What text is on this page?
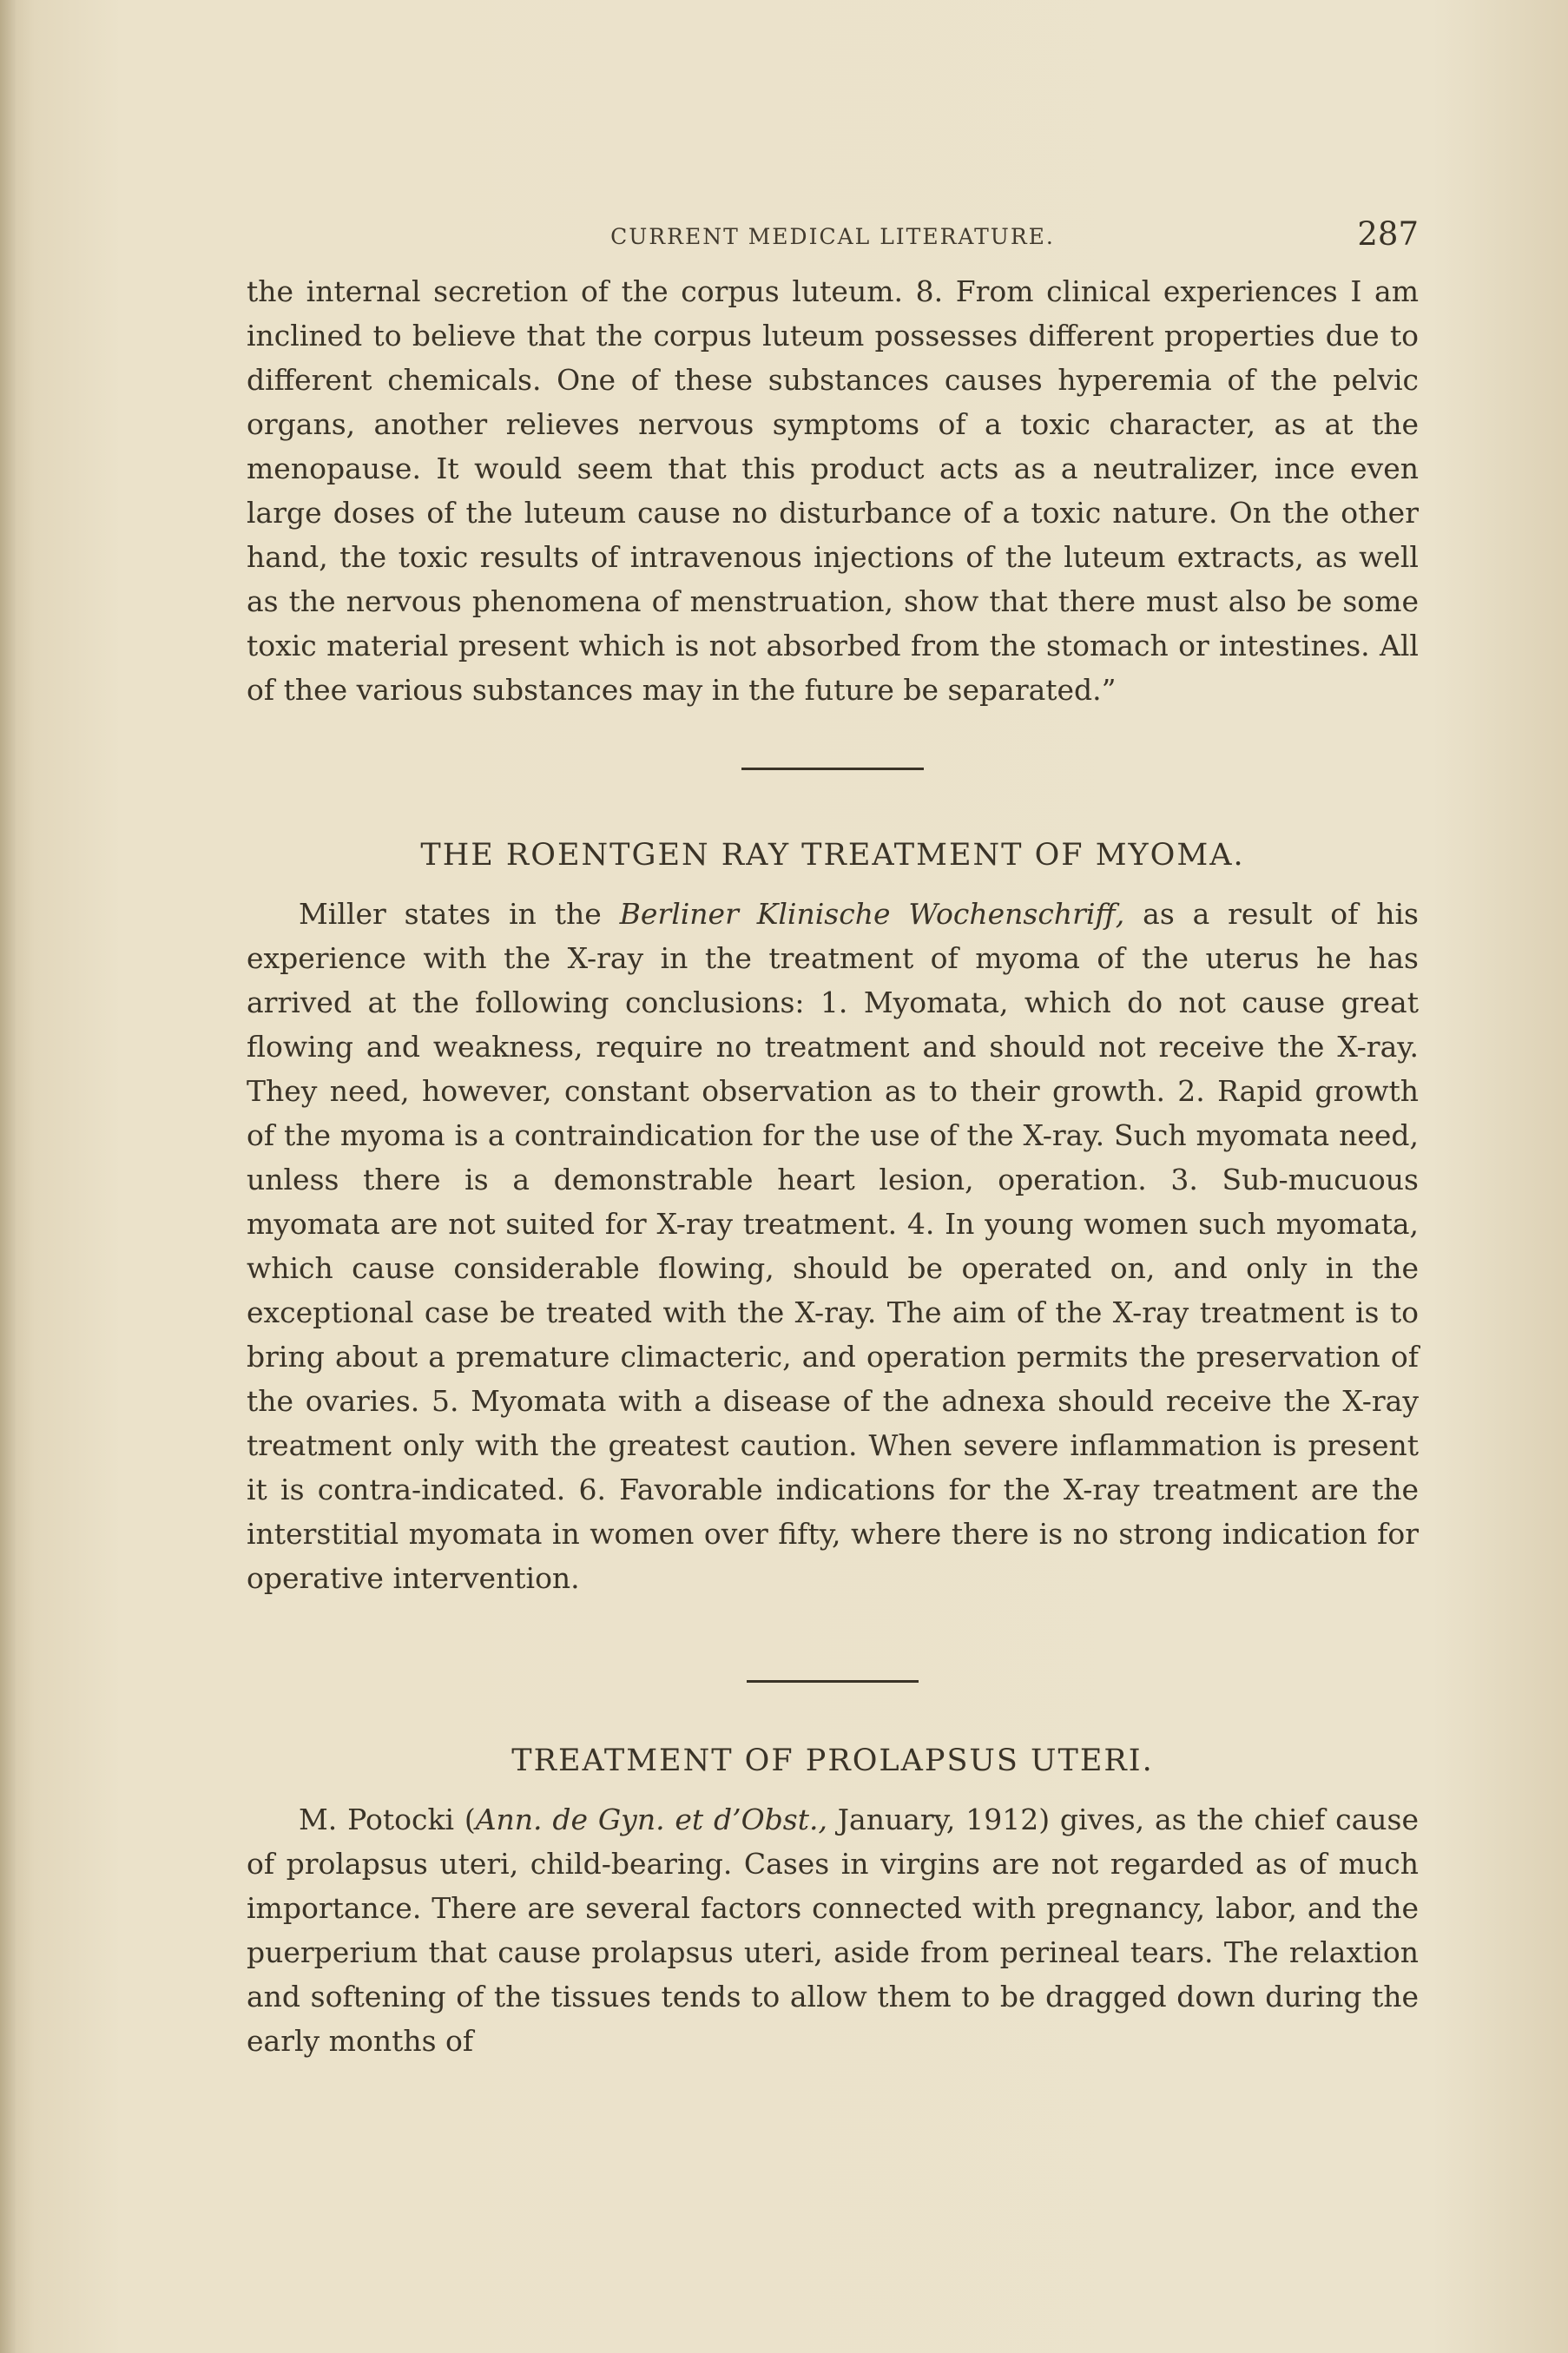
CURRENT MEDICAL LITERATURE.	287

the internal secretion of the corpus luteum. 8. From clinical experiences I am inclined to believe that the corpus luteum possesses different properties due to different chemicals. One of these substances causes hyperemia of the pelvic organs, another relieves nervous symptoms of a toxic character, as at the menopause. It would seem that this product acts as a neutralizer, ince even large doses of the luteum cause no disturbance of a toxic nature. On the other hand, the toxic results of intravenous injections of the luteum extracts, as well as the nervous phenomena of menstruation, show that there must also be some toxic material present which is not absorbed from the stomach or intestines. All of thee various substances may in the future be separated.”

THE ROENTGEN RAY TREATMENT OF MYOMA.

Miller states in the Berliner Klinische Wochenschriff, as a result of his experience with the X-ray in the treatment of myoma of the uterus he has arrived at the following conclusions: 1. Myomata, which do not cause great flowing and weakness, require no treatment and should not receive the X-ray. They need, however, constant observation as to their growth. 2. Rapid growth of the myoma is a contraindication for the use of the X-ray. Such myomata need, unless there is a demonstrable heart lesion, operation. 3. Sub-mucuous myomata are not suited for X-ray treatment. 4. In young women such myomata, which cause considerable flowing, should be operated on, and only in the exceptional case be treated with the X-ray. The aim of the X-ray treatment is to bring about a premature climacteric, and operation permits the preservation of the ovaries. 5. Myomata with a disease of the adnexa should receive the X-ray treatment only with the greatest caution. When severe inflammation is present it is contra-indicated. 6. Favorable indications for the X-ray treatment are the interstitial myomata in women over fifty, where there is no strong indication for operative intervention.

TREATMENT OF PROLAPSUS UTERI.

M. Potocki (Ann. de Gyn. et d’Obst., January, 1912) gives, as the chief cause of prolapsus uteri, child-bearing. Cases in virgins are not regarded as of much importance. There are several factors connected with pregnancy, labor, and the puerperium that cause prolapsus uteri, aside from perineal tears. The relaxtion and softening of the tissues tends to allow them to be dragged down during the early months of
